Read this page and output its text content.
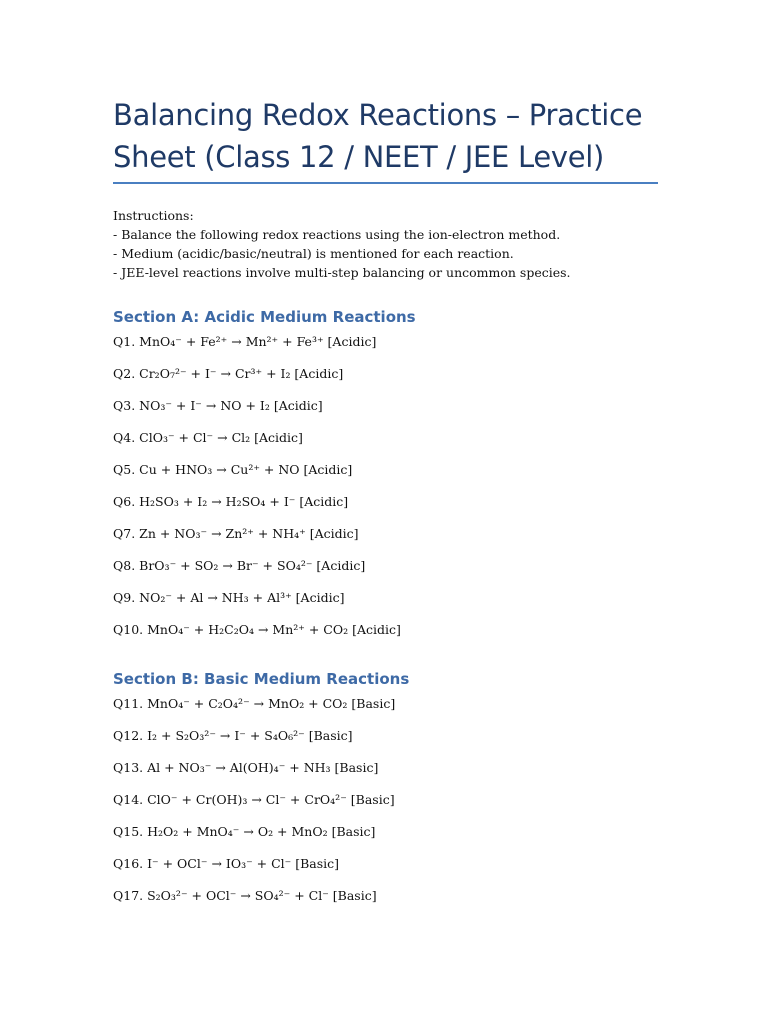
Balancing Redox Reactions – Practice Sheet (Class 12 / NEET / JEE Level)
Instructions:
- Balance the following redox reactions using the ion-electron method.
- Medium (acidic/basic/neutral) is mentioned for each reaction.
- JEE-level reactions involve multi-step balancing or uncommon species.
Section A: Acidic Medium Reactions
Q1. MnO₄⁻ + Fe²⁺ → Mn²⁺ + Fe³⁺ [Acidic]
Q2. Cr₂O₇²⁻ + I⁻ → Cr³⁺ + I₂ [Acidic]
Q3. NO₃⁻ + I⁻ → NO + I₂ [Acidic]
Q4. ClO₃⁻ + Cl⁻ → Cl₂ [Acidic]
Q5. Cu + HNO₃ → Cu²⁺ + NO [Acidic]
Q6. H₂SO₃ + I₂ → H₂SO₄ + I⁻ [Acidic]
Q7. Zn + NO₃⁻ → Zn²⁺ + NH₄⁺ [Acidic]
Q8. BrO₃⁻ + SO₂ → Br⁻ + SO₄²⁻ [Acidic]
Q9. NO₂⁻ + Al → NH₃ + Al³⁺ [Acidic]
Q10. MnO₄⁻ + H₂C₂O₄ → Mn²⁺ + CO₂ [Acidic]
Section B: Basic Medium Reactions
Q11. MnO₄⁻ + C₂O₄²⁻ → MnO₂ + CO₂ [Basic]
Q12. I₂ + S₂O₃²⁻ → I⁻ + S₄O₆²⁻ [Basic]
Q13. Al + NO₃⁻ → Al(OH)₄⁻ + NH₃ [Basic]
Q14. ClO⁻ + Cr(OH)₃ → Cl⁻ + CrO₄²⁻ [Basic]
Q15. H₂O₂ + MnO₄⁻ → O₂ + MnO₂ [Basic]
Q16. I⁻ + OCl⁻ → IO₃⁻ + Cl⁻ [Basic]
Q17. S₂O₃²⁻ + OCl⁻ → SO₄²⁻ + Cl⁻ [Basic]
